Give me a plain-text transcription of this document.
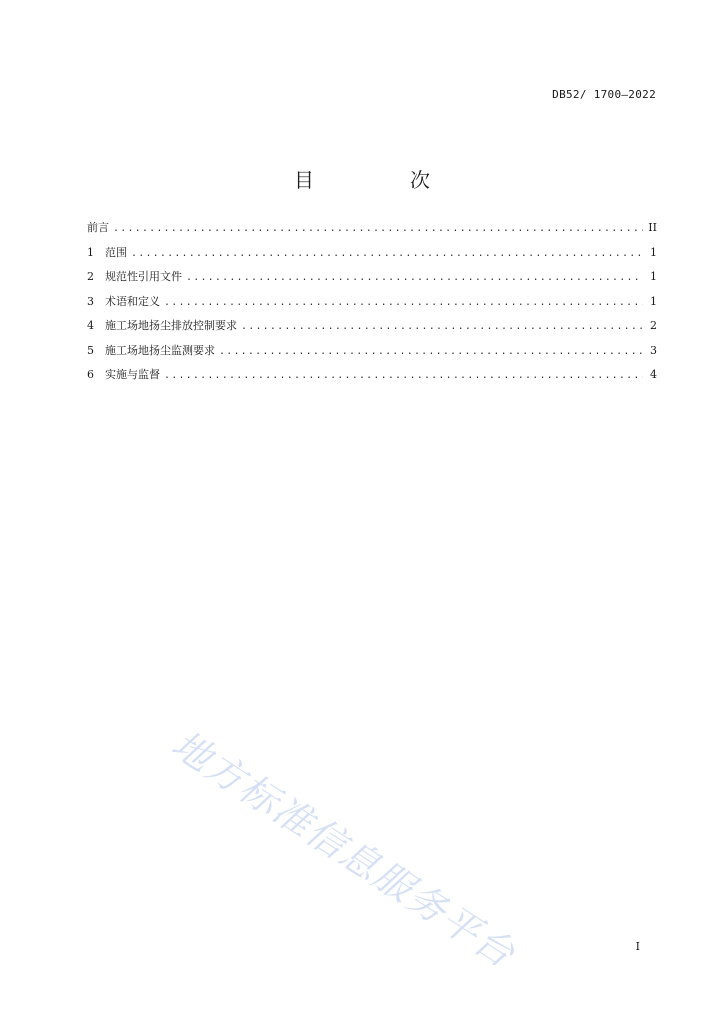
DB52/ 1700—2022
目　次
前言 .....	II
1	范围 .....	1
2	规范性引用文件 .....	1
3	术语和定义 .....	1
4	施工场地扬尘排放控制要求 .....	2
5	施工场地扬尘监测要求 .....	3
6	实施与监督 .....	4
地方标准信息服务平台	I
